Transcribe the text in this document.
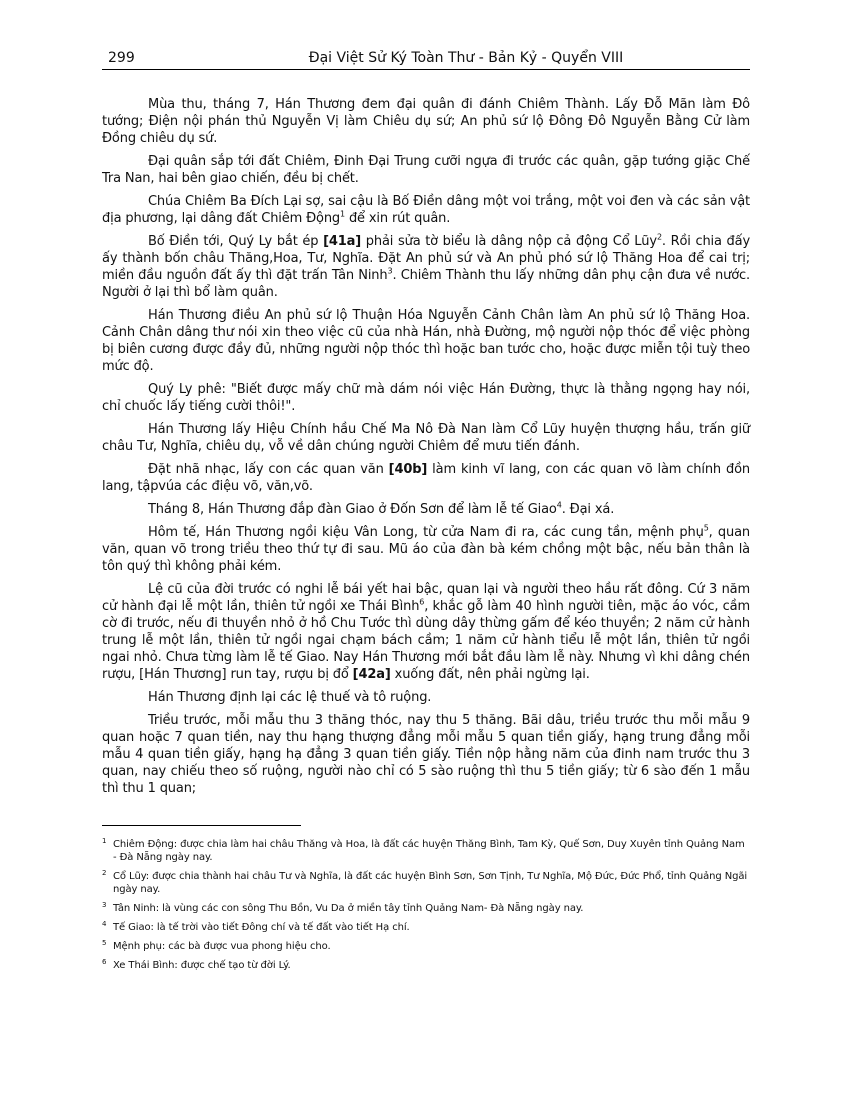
299	Đại Việt Sử Ký Toàn Thư - Bản Kỷ - Quyển VIII

Mùa thu, tháng 7, Hán Thương đem đại quân đi đánh Chiêm Thành. Lấy Đỗ Mãn làm Đô tướng; Điện nội phán thủ Nguyễn Vị làm Chiêu dụ sứ; An phủ sứ lộ Đông Đô Nguyễn Bằng Cử làm Đồng chiêu dụ sứ.

Đại quân sắp tới đất Chiêm, Đinh Đại Trung cưỡi ngựa đi trước các quân, gặp tướng giặc Chế Tra Nan, hai bên giao chiến, đều bị chết.

Chúa Chiêm Ba Đích Lại sợ, sai cậu là Bố Điền dâng một voi trắng, một voi đen và các sản vật địa phương, lại dâng đất Chiêm Động$^1$ để xin rút quân.

Bố Điền tới, Quý Ly bắt ép [41a] phải sửa tờ biểu là dâng nộp cả động Cổ Lũy$^2$. Rồi chia đấy ấy thành bốn châu Thăng,Hoa, Tư, Nghĩa. Đặt An phủ sứ và An phủ phó sứ lộ Thăng Hoa để cai trị; miền đầu nguồn đất ấy thì đặt trấn Tân Ninh$^3$. Chiêm Thành thu lấy những dân phụ cận đưa về nước. Người ở lại thì bổ làm quân.

Hán Thương điều An phủ sứ lộ Thuận Hóa Nguyễn Cảnh Chân làm An phủ sứ lộ Thăng Hoa. Cảnh Chân dâng thư nói xin theo việc cũ của nhà Hán, nhà Đường, mộ người nộp thóc để việc phòng bị biên cương được đầy đủ, những người nộp thóc thì hoặc ban tước cho, hoặc được miễn tội tuỳ theo mức độ.

Quý Ly phê: "Biết được mấy chữ mà dám nói việc Hán Đường, thực là thằng ngọng hay nói, chỉ chuốc lấy tiếng cười thôi!".

Hán Thương lấy Hiệu Chính hầu Chế Ma Nô Đà Nan làm Cổ Lũy huyện thượng hầu, trấn giữ châu Tư, Nghĩa, chiêu dụ, vỗ về dân chúng người Chiêm để mưu tiến đánh.

Đặt nhã nhạc, lấy con các quan văn [40b] làm kinh vĩ lang, con các quan võ làm chính đồn lang, tậpvúa các điệu võ, văn,võ.

Tháng 8, Hán Thương đắp đàn Giao ở Đốn Sơn để làm lễ tế Giao$^4$. Đại xá.

Hôm tế, Hán Thương ngồi kiệu Vân Long, từ cửa Nam đi ra, các cung tần, mệnh phụ$^5$, quan văn, quan võ trong triều theo thứ tự đi sau. Mũ áo của đàn bà kém chồng một bậc, nếu bản thân là tôn quý thì không phải kém.

Lệ cũ của đời trước có nghi lễ bái yết hai bậc, quan lại và người theo hầu rất đông. Cứ 3 năm cử hành đại lễ một lần, thiên tử ngồi xe Thái Bình$^6$, khắc gỗ làm 40 hình người tiên, mặc áo vóc, cầm cờ đi trước, nếu đi thuyền nhỏ ở hồ Chu Tước thì dùng dây thừng gấm để kéo thuyền; 2 năm cử hành trung lễ một lần, thiên tử ngồi ngai chạm bách cầm; 1 năm cử hành tiểu lễ một lần, thiên tử ngồi ngai nhỏ. Chưa từng làm lễ tế Giao. Nay Hán Thương mới bắt đầu làm lễ này. Nhưng vì khi dâng chén rượu, [Hán Thương] run tay, rượu bị đổ [42a] xuống đất, nên phải ngừng lại.

Hán Thương định lại các lệ thuế và tô ruộng.

Triều trước, mỗi mẫu thu 3 thăng thóc, nay thu 5 thăng. Bãi dâu, triều trước thu mỗi mẫu 9 quan hoặc 7 quan tiền, nay thu hạng thượng đẳng mỗi mẫu 5 quan tiền giấy, hạng trung đẳng mỗi mẫu 4 quan tiền giấy, hạng hạ đẳng 3 quan tiền giấy. Tiền nộp hằng năm của đinh nam trước thu 3 quan, nay chiếu theo số ruộng, người nào chỉ có 5 sào ruộng thì thu 5 tiền giấy; từ 6 sào đến 1 mẫu thì thu 1 quan;

1 Chiêm Động: được chia làm hai châu Thăng và Hoa, là đất các huyện Thăng Bình, Tam Kỳ, Quế Sơn, Duy Xuyên tỉnh Quảng Nam - Đà Nẵng ngày nay.
2 Cổ Lũy: được chia thành hai châu Tư và Nghĩa, là đất các huyện Bình Sơn, Sơn Tịnh, Tư Nghĩa, Mộ Đức, Đức Phổ, tỉnh Quảng Ngãi ngày nay.
3 Tân Ninh: là vùng các con sông Thu Bồn, Vu Da ở miền tây tỉnh Quảng Nam- Đà Nẵng ngày nay.
4 Tế Giao: là tế trời vào tiết Đông chí và tế đất vào tiết Hạ chí.
5 Mệnh phụ: các bà được vua phong hiệu cho.
6 Xe Thái Bình: được chế tạo từ đời Lý.
